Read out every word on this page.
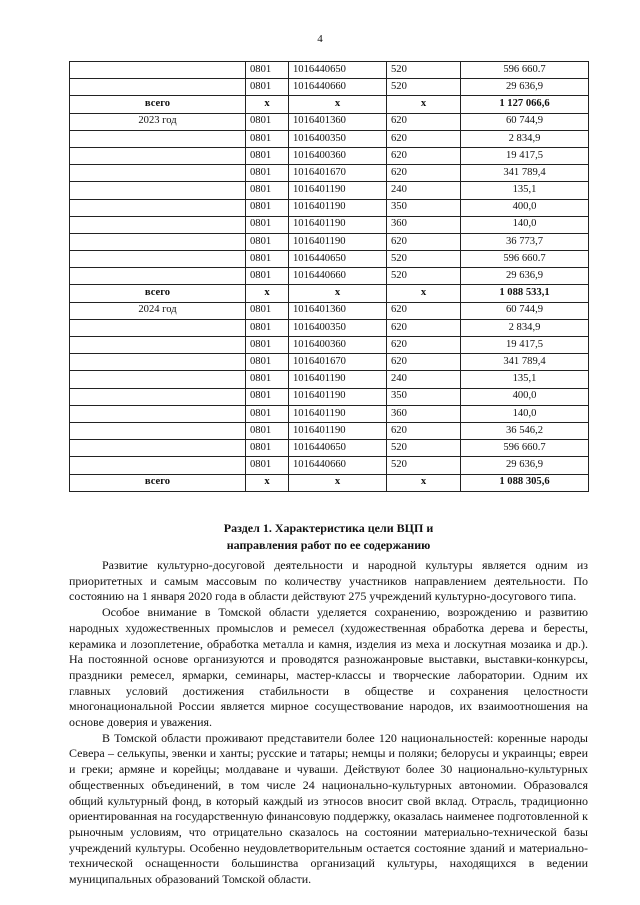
4
	0801	1016440650	520	596 660.7
	0801	1016440660	520	29 636,9
всего	x	x	x	1 127 066,6
2023 год	0801	1016401360	620	60 744,9
	0801	1016400350	620	2 834,9
	0801	1016400360	620	19 417,5
	0801	1016401670	620	341 789,4
	0801	1016401190	240	135,1
	0801	1016401190	350	400,0
	0801	1016401190	360	140,0
	0801	1016401190	620	36 773,7
	0801	1016440650	520	596 660.7
	0801	1016440660	520	29 636,9
всего	x	x	x	1 088 533,1
2024 год	0801	1016401360	620	60 744,9
	0801	1016400350	620	2 834,9
	0801	1016400360	620	19 417,5
	0801	1016401670	620	341 789,4
	0801	1016401190	240	135,1
	0801	1016401190	350	400,0
	0801	1016401190	360	140,0
	0801	1016401190	620	36 546,2
	0801	1016440650	520	596 660.7
	0801	1016440660	520	29 636,9
всего	x	x	x	1 088 305,6
Раздел 1. Характеристика цели ВЦП и
направления работ по ее содержанию

Развитие культурно-досуговой деятельности и народной культуры является одним из приоритетных и самым массовым по количеству участников направлением деятельности. По состоянию на 1 января 2020 года в области действуют 275 учреждений культурно-досугового типа.

Особое внимание в Томской области уделяется сохранению, возрождению и развитию народных художественных промыслов и ремесел (художественная обработка дерева и бересты, керамика и лозоплетение, обработка металла и камня, изделия из меха и лоскутная мозаика и др.). На постоянной основе организуются и проводятся разножанровые выставки, выставки-конкурсы, праздники ремесел, ярмарки, семинары, мастер-классы и творческие лаборатории. Одним их главных условий достижения стабильности в обществе и сохранения целостности многонациональной России является мирное сосуществование народов, их взаимоотношения на основе доверия и уважения.

В Томской области проживают представители более 120 национальностей: коренные народы Севера – селькупы, эвенки и ханты; русские и татары; немцы и поляки; белорусы и украинцы; евреи и греки; армяне и корейцы; молдаване и чуваши. Действуют более 30 национально-культурных общественных объединений, в том числе 24 национально-культурных автономии. Образовался общий культурный фонд, в который каждый из этносов вносит свой вклад. Отрасль, традиционно ориентированная на государственную финансовую поддержку, оказалась наименее подготовленной к рыночным условиям, что отрицательно сказалось на состоянии материально-технической базы учреждений культуры. Особенно неудовлетворительным остается состояние зданий и материально-технической оснащенности большинства организаций культуры, находящихся в ведении муниципальных образований Томской области.
